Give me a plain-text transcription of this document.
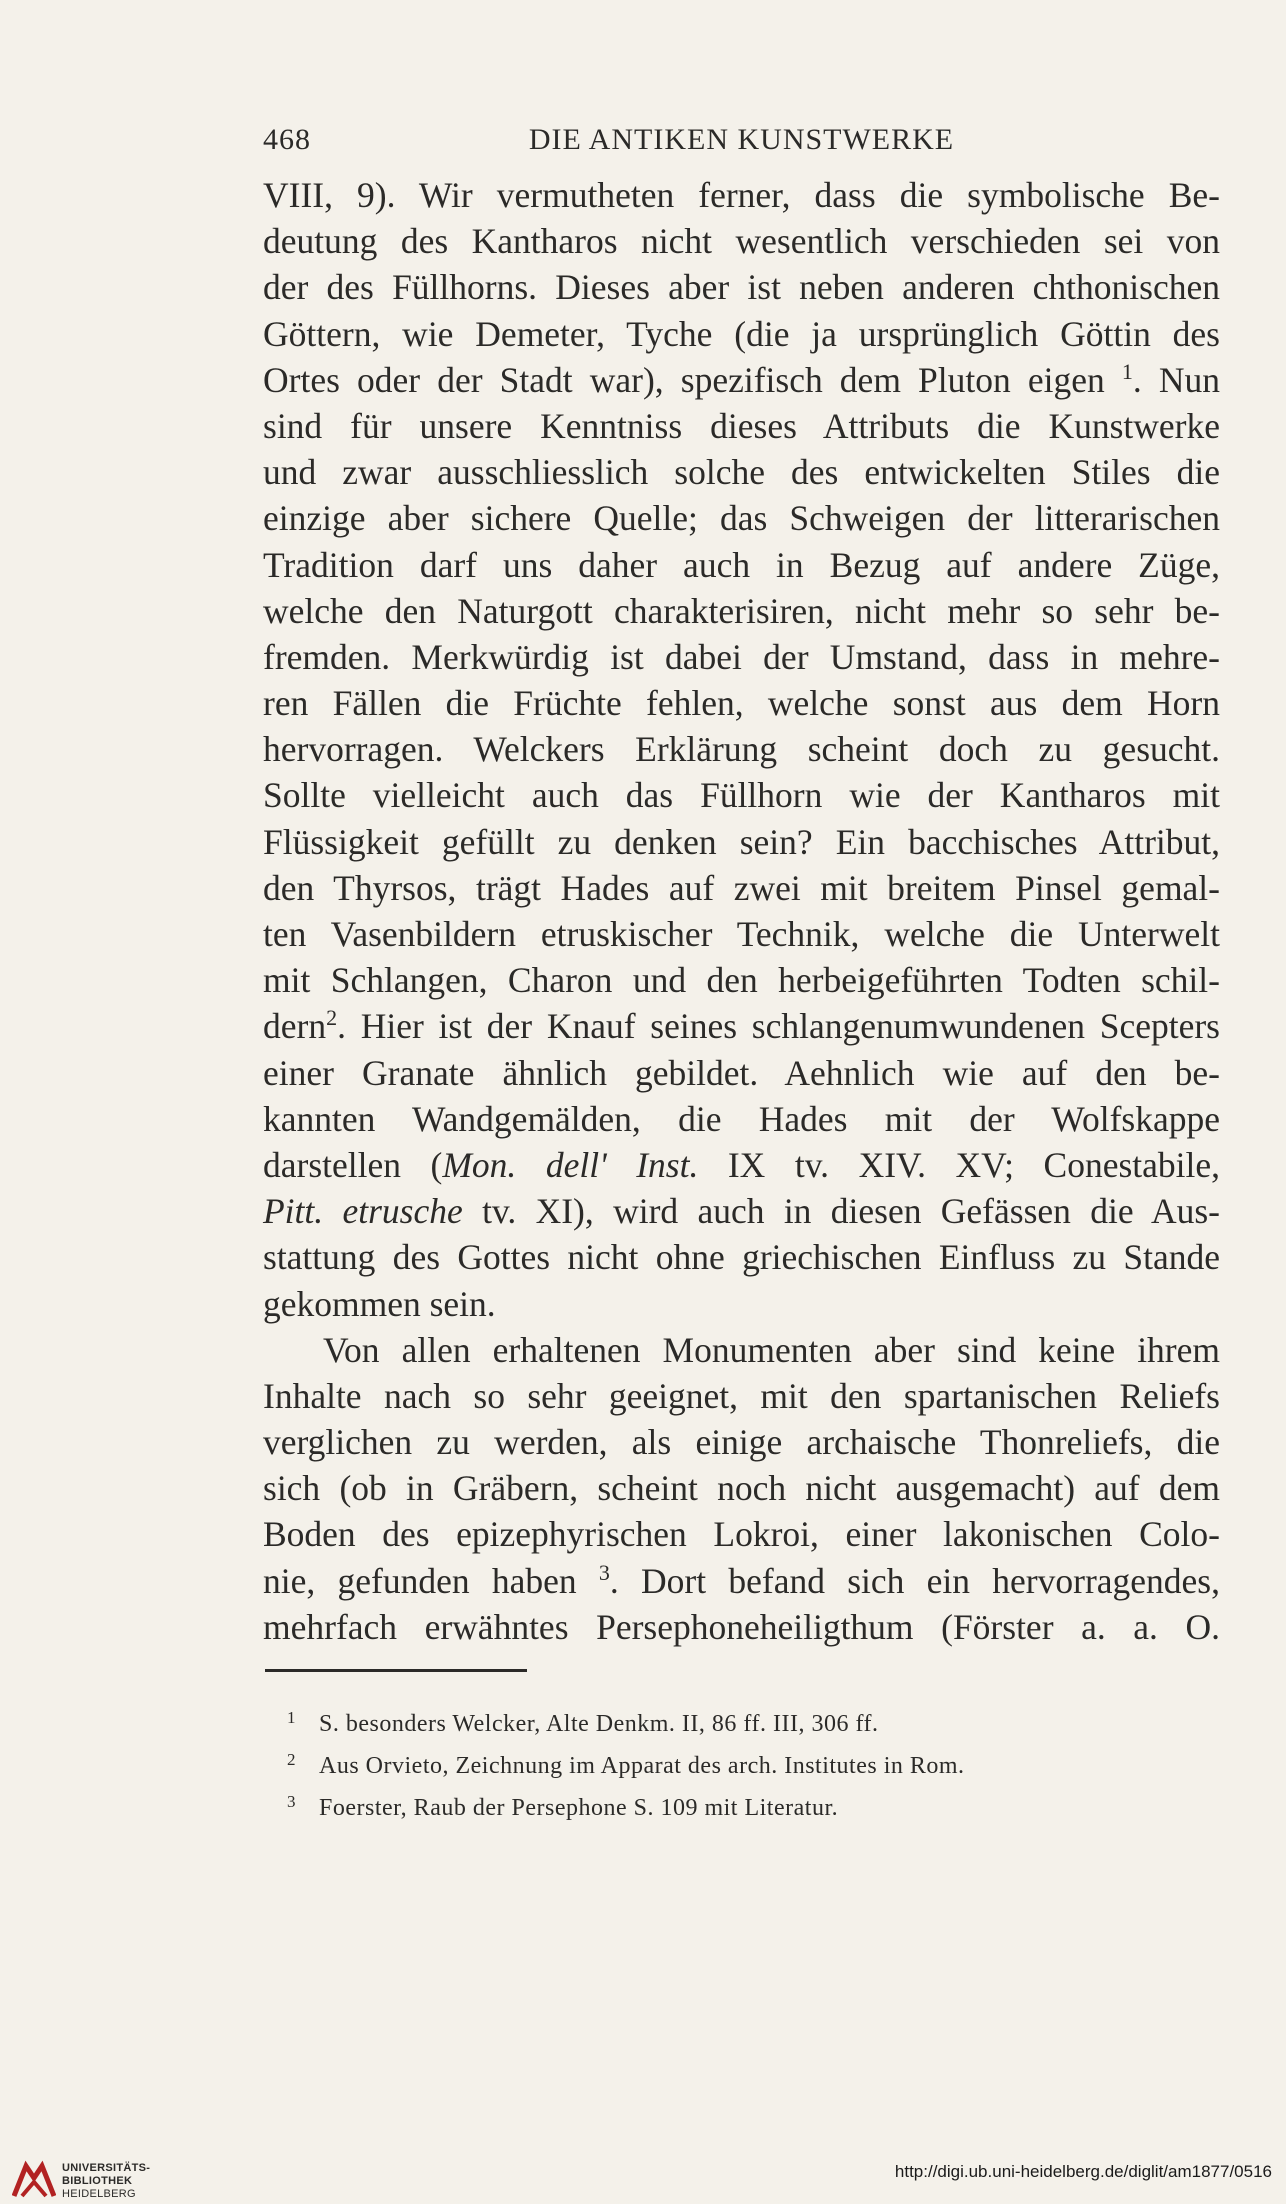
468	DIE ANTIKEN KUNSTWERKE
VIII, 9). Wir vermutheten ferner, dass die symbolische Be-
deutung des Kantharos nicht wesentlich verschieden sei von
der des Füllhorns. Dieses aber ist neben anderen chthonischen
Göttern, wie Demeter, Tyche (die ja ursprünglich Göttin des
Ortes oder der Stadt war), spezifisch dem Pluton eigen $^1$. Nun
sind für unsere Kenntniss dieses Attributs die Kunstwerke
und zwar ausschliesslich solche des entwickelten Stiles die
einzige aber sichere Quelle; das Schweigen der litterarischen
Tradition darf uns daher auch in Bezug auf andere Züge,
welche den Naturgott charakterisiren, nicht mehr so sehr be-
fremden. Merkwürdig ist dabei der Umstand, dass in mehre-
ren Fällen die Früchte fehlen, welche sonst aus dem Horn
hervorragen. Welckers Erklärung scheint doch zu gesucht.
Sollte vielleicht auch das Füllhorn wie der Kantharos mit
Flüssigkeit gefüllt zu denken sein? Ein bacchisches Attribut,
den Thyrsos, trägt Hades auf zwei mit breitem Pinsel gemal-
ten Vasenbildern etruskischer Technik, welche die Unterwelt
mit Schlangen, Charon und den herbeigeführten Todten schil-
dern$^2$. Hier ist der Knauf seines schlangenumwundenen Scepters
einer Granate ähnlich gebildet. Aehnlich wie auf den be-
kannten Wandgemälden, die Hades mit der Wolfskappe
darstellen (Mon. dell' Inst. IX tv. XIV. XV; Conestabile,
Pitt. etrusche tv. XI), wird auch in diesen Gefässen die Aus-
stattung des Gottes nicht ohne griechischen Einfluss zu Stande
gekommen sein.
Von allen erhaltenen Monumenten aber sind keine ihrem
Inhalte nach so sehr geeignet, mit den spartanischen Reliefs
verglichen zu werden, als einige archaische Thonreliefs, die
sich (ob in Gräbern, scheint noch nicht ausgemacht) auf dem
Boden des epizephyrischen Lokroi, einer lakonischen Colo-
nie, gefunden haben $^3$. Dort befand sich ein hervorragendes,
mehrfach erwähntes Persephoneheiligthum (Förster a. a. O.
1 S. besonders Welcker, Alte Denkm. II, 86 ff. III, 306 ff.
2 Aus Orvieto, Zeichnung im Apparat des arch. Institutes in Rom.
3 Foerster, Raub der Persephone S. 109 mit Literatur.
UNIVERSITÄTS-
BIBLIOTHEK
HEIDELBERG
http://digi.ub.uni-heidelberg.de/diglit/am1877/0516
